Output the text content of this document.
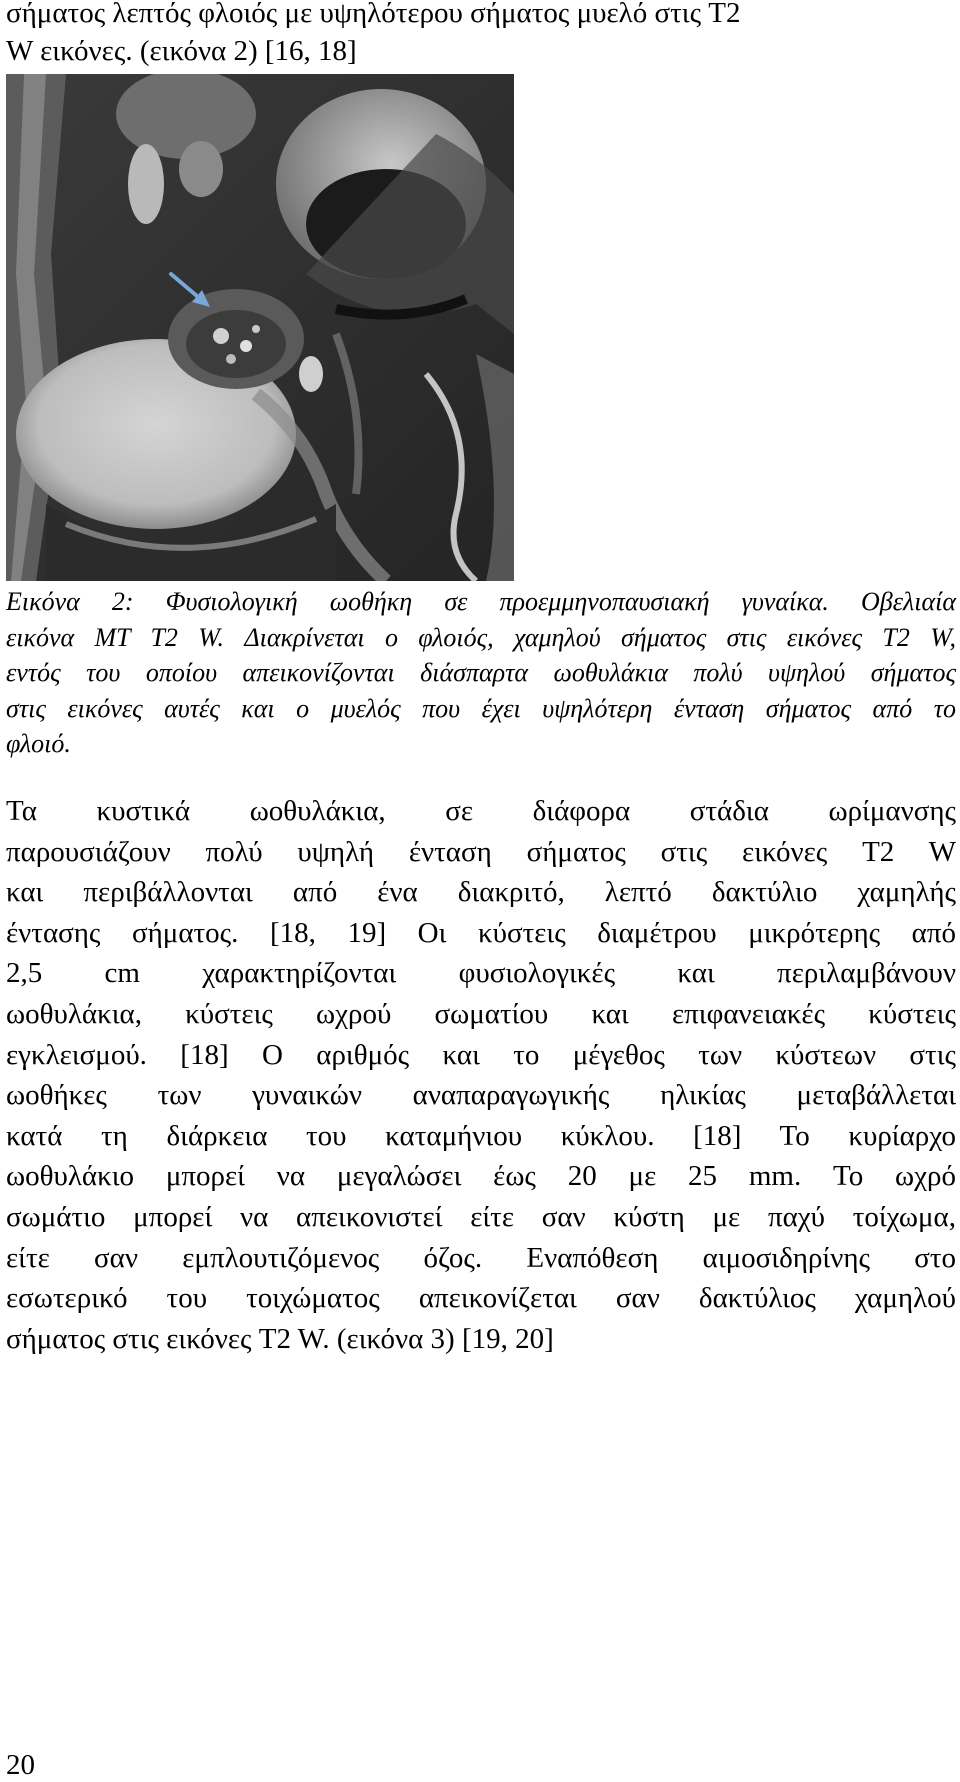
σήματος λεπτός φλοιός με υψηλότερου σήματος μυελό στις T2
W εικόνες. (εικόνα 2) [16, 18]
Εικόνα 2: Φυσιολογική ωοθήκη σε προεμμηνοπαυσιακή γυναίκα. Οβελιαία
εικόνα MT T2 W. Διακρίνεται ο φλοιός, χαμηλού σήματος στις εικόνες T2 W,
εντός του οποίου απεικονίζονται διάσπαρτα ωοθυλάκια πολύ υψηλού σήματος
στις εικόνες αυτές και ο μυελός που έχει υψηλότερη ένταση σήματος από το
φλοιό.
Τα κυστικά ωοθυλάκια, σε διάφορα στάδια ωρίμανσης
παρουσιάζουν πολύ υψηλή ένταση σήματος στις εικόνες T2 W
και περιβάλλονται από ένα διακριτό, λεπτό δακτύλιο χαμηλής
έντασης σήματος. [18, 19] Οι κύστεις διαμέτρου μικρότερης από
2,5 cm χαρακτηρίζονται φυσιολογικές και περιλαμβάνουν
ωοθυλάκια, κύστεις ωχρού σωματίου και επιφανειακές κύστεις
εγκλεισμού. [18] Ο αριθμός και το μέγεθος των κύστεων στις
ωοθήκες των γυναικών αναπαραγωγικής ηλικίας μεταβάλλεται
κατά τη διάρκεια του καταμήνιου κύκλου. [18] Το κυρίαρχο
ωοθυλάκιο μπορεί να μεγαλώσει έως 20 με 25 mm. Το ωχρό
σωμάτιο μπορεί να απεικονιστεί είτε σαν κύστη με παχύ τοίχωμα,
είτε σαν εμπλουτιζόμενος όζος. Εναπόθεση αιμοσιδηρίνης στο
εσωτερικό του τοιχώματος απεικονίζεται σαν δακτύλιος χαμηλού
σήματος στις εικόνες T2 W. (εικόνα 3) [19, 20]
20
